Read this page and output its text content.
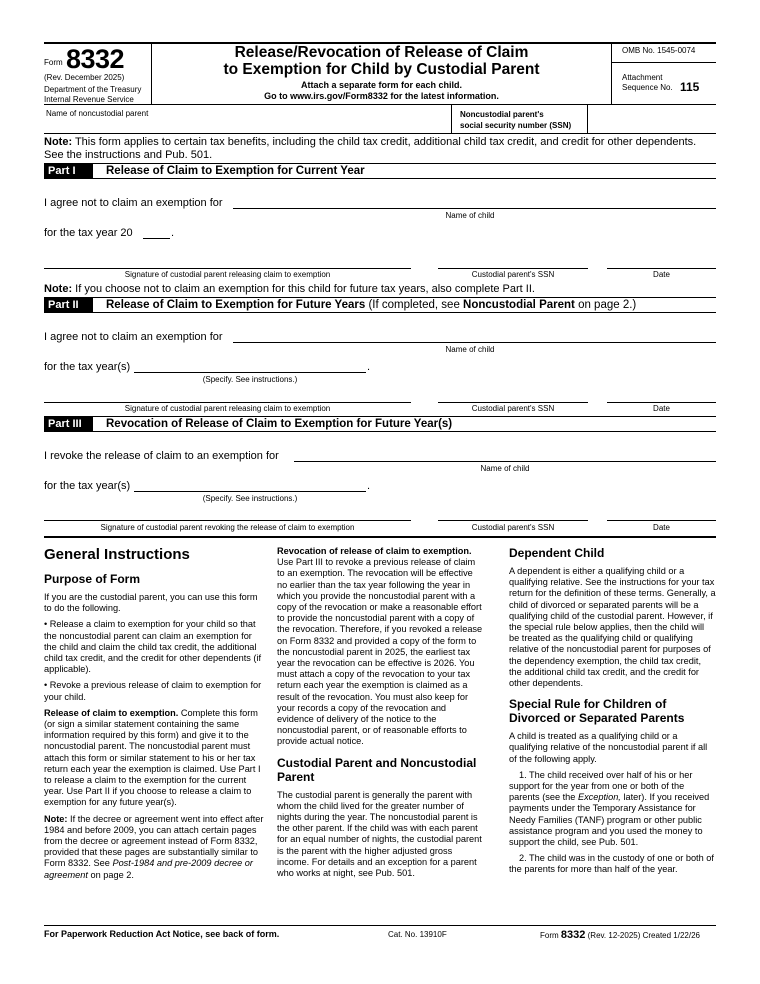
Form 8332
(Rev. December 2025)
Department of the Treasury
Internal Revenue Service
Release/Revocation of Release of Claim
to Exemption for Child by Custodial Parent
Attach a separate form for each child.
Go to www.irs.gov/Form8332 for the latest information.
OMB No. 1545-0074
Attachment
Sequence No. 115
Name of noncustodial parent	Noncustodial parent's
social security number (SSN)
Note: This form applies to certain tax benefits, including the child tax credit, additional child tax credit, and credit for other dependents. See the instructions and Pub. 501.
Part I	Release of Claim to Exemption for Current Year
I agree not to claim an exemption for
Name of child
for the tax year 20	.
Signature of custodial parent releasing claim to exemption	Custodial parent's SSN	Date
Note: If you choose not to claim an exemption for this child for future tax years, also complete Part II.
Part II	Release of Claim to Exemption for Future Years (If completed, see Noncustodial Parent on page 2.)
I agree not to claim an exemption for
Name of child
for the tax year(s)	.
(Specify. See instructions.)
Signature of custodial parent releasing claim to exemption	Custodial parent's SSN	Date
Part III	Revocation of Release of Claim to Exemption for Future Year(s)
I revoke the release of claim to an exemption for
Name of child
for the tax year(s)	.
(Specify. See instructions.)
Signature of custodial parent revoking the release of claim to exemption	Custodial parent's SSN	Date
General Instructions
Purpose of Form

If you are the custodial parent, you can use this form to do the following.

• Release a claim to exemption for your child so that the noncustodial parent can claim an exemption for the child and claim the child tax credit, the additional child tax credit, and the credit for other dependents (if applicable).

• Revoke a previous release of claim to exemption for your child.

Release of claim to exemption. Complete this form (or sign a similar statement containing the same information required by this form) and give it to the noncustodial parent. The noncustodial parent must attach this form or similar statement to his or her tax return each year the exemption is claimed. Use Part I to release a claim to the exemption for the current year. Use Part II if you choose to release a claim to exemption for any future year(s).

Note: If the decree or agreement went into effect after 1984 and before 2009, you can attach certain pages from the decree or agreement instead of Form 8332, provided that these pages are substantially similar to Form 8332. See Post-1984 and pre-2009 decree or agreement on page 2.

Revocation of release of claim to exemption. Use Part III to revoke a previous release of claim to an exemption. The revocation will be effective no earlier than the tax year following the year in which you provide the noncustodial parent with a copy of the revocation or make a reasonable effort to provide the noncustodial parent with a copy of the revocation. Therefore, if you revoked a release on Form 8332 and provided a copy of the form to the noncustodial parent in 2025, the earliest tax year the revocation can be effective is 2026. You must attach a copy of the revocation to your tax return each year the exemption is claimed as a result of the revocation. You must also keep for your records a copy of the revocation and evidence of delivery of the notice to the noncustodial parent, or of reasonable efforts to provide actual notice.

Custodial Parent and Noncustodial Parent

The custodial parent is generally the parent with whom the child lived for the greater number of nights during the year. The noncustodial parent is the other parent. If the child was with each parent for an equal number of nights, the custodial parent is the parent with the higher adjusted gross income. For details and an exception for a parent who works at night, see Pub. 501.

Dependent Child

A dependent is either a qualifying child or a qualifying relative. See the instructions for your tax return for the definition of these terms. Generally, a child of divorced or separated parents will be a qualifying child of the custodial parent. However, if the special rule below applies, then the child will be treated as the qualifying child or qualifying relative of the noncustodial parent for purposes of the dependency exemption, the child tax credit, the additional child tax credit, and the credit for other dependents.

Special Rule for Children of Divorced or Separated Parents

A child is treated as a qualifying child or a qualifying relative of the noncustodial parent if all of the following apply.

1. The child received over half of his or her support for the year from one or both of the parents (see the Exception, later). If you received payments under the Temporary Assistance for Needy Families (TANF) program or other public assistance program and you used the money to support the child, see Pub. 501.

2. The child was in the custody of one or both of the parents for more than half of the year.

For Paperwork Reduction Act Notice, see back of form.	Cat. No. 13910F	Form 8332 (Rev. 12-2025) Created 1/22/26
